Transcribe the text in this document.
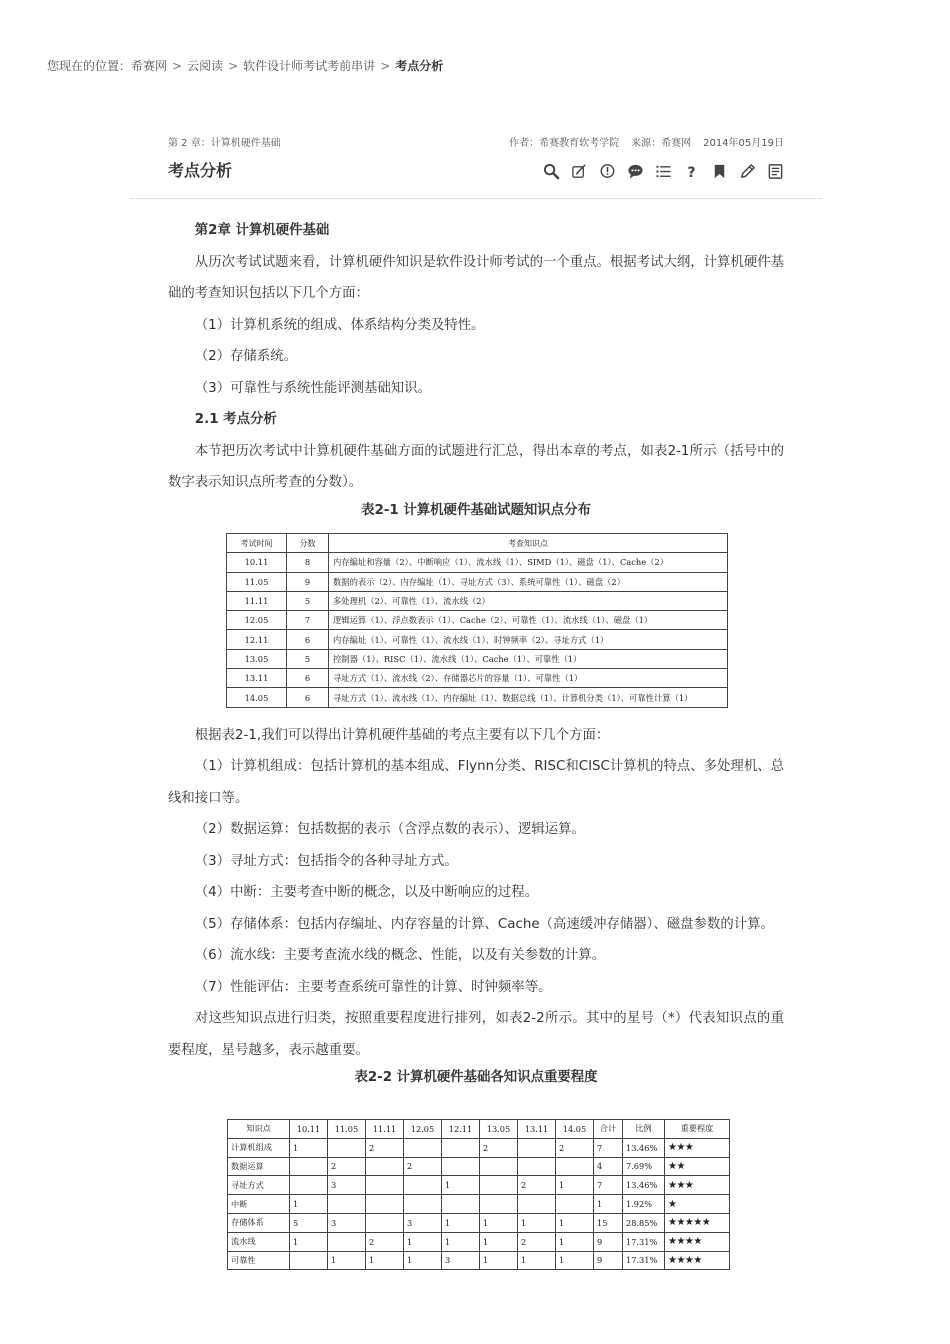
您现在的位置：希赛网 > 云阅读 > 软件设计师考试考前串讲 > 考点分析
第 2 章：计算机硬件基础	作者：希赛教育软考学院 来源：希赛网 2014年05月19日
考点分析	?

第2章 计算机硬件基础

从历次考试试题来看，计算机硬件知识是软件设计师考试的一个重点。根据考试大纲，计算机硬件基础的考查知识包括以下几个方面：

（1）计算机系统的组成、体系结构分类及特性。

（2）存储系统。

（3）可靠性与系统性能评测基础知识。

2.1 考点分析

本节把历次考试中计算机硬件基础方面的试题进行汇总，得出本章的考点，如表2-1所示（括号中的数字表示知识点所考查的分数）。

表2-1 计算机硬件基础试题知识点分布

根据表2-1,我们可以得出计算机硬件基础的考点主要有以下几个方面：

（1）计算机组成：包括计算机的基本组成、Flynn分类、RISC和CISC计算机的特点、多处理机、总线和接口等。

（2）数据运算：包括数据的表示（含浮点数的表示）、逻辑运算。

（3）寻址方式：包括指令的各种寻址方式。

（4）中断：主要考查中断的概念，以及中断响应的过程。

（5）存储体系：包括内存编址、内存容量的计算、Cache（高速缓冲存储器）、磁盘参数的计算。

（6）流水线：主要考查流水线的概念、性能，以及有关参数的计算。

（7）性能评估：主要考查系统可靠性的计算、时钟频率等。

对这些知识点进行归类，按照重要程度进行排列，如表2-2所示。其中的星号（*）代表知识点的重要程度，星号越多，表示越重要。

表2-2 计算机硬件基础各知识点重要程度
考试时间	分数	考查知识点
10.11	8	内存编址和容量（2）、中断响应（1）、流水线（1）、SIMD（1）、磁盘（1）、Cache（2）
11.05	9	数据的表示（2）、内存编址（1）、寻址方式（3）、系统可靠性（1）、磁盘（2）
11.11	5	多处理机（2）、可靠性（1）、流水线（2）
12.05	7	逻辑运算（1）、浮点数表示（1）、Cache（2）、可靠性（1）、流水线（1）、磁盘（1）
12.11	6	内存编址（1）、可靠性（1）、流水线（1）、时钟频率（2）、寻址方式（1）
13.05	5	控制器（1）、RISC（1）、流水线（1）、Cache（1）、可靠性（1）
13.11	6	寻址方式（1）、流水线（2）、存储器芯片的容量（1）、可靠性（1）
14.05	6	寻址方式（1）、流水线（1）、内存编址（1）、数据总线（1）、计算机分类（1）、可靠性计算（1）
知识点	10.11	11.05	11.11	12.05	12.11	13.05	13.11	14.05	合计	比例	重要程度
计算机组成	1		2			2		2	7	13.46%	★★★
数据运算		2		2					4	7.69%	★★
寻址方式		3			1		2	1	7	13.46%	★★★
中断	1								1	1.92%	★
存储体系	5	3		3	1	1	1	1	15	28.85%	★★★★★
流水线	1		2	1	1	1	2	1	9	17.31%	★★★★
可靠性		1	1	1	3	1	1	1	9	17.31%	★★★★
